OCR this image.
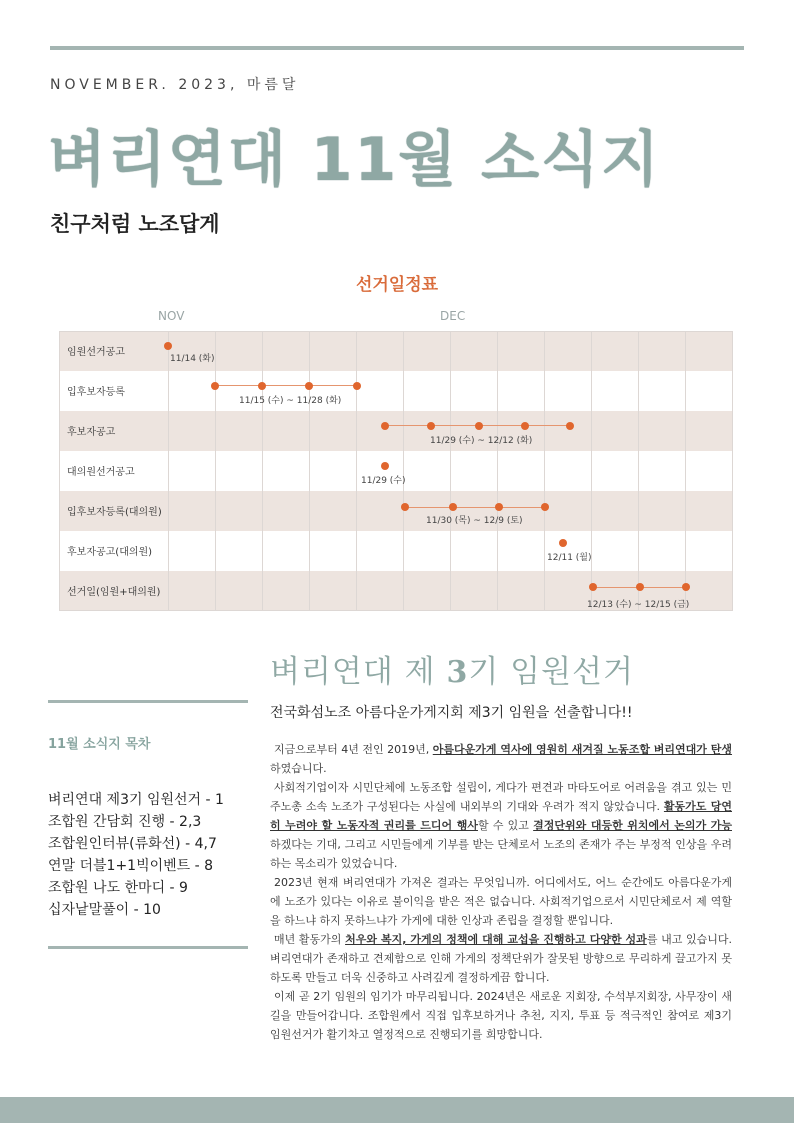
NOVEMBER. 2023, 마름달
벼리연대 11월 소식지
친구처럼 노조답게
선거일정표
NOV	DEC
임원선거공고
입후보자등록
후보자공고
대의원선거공고
입후보자등록(대의원)
후보자공고(대의원)
선거일(임원+대의원)
11/14 (화)
11/15 (수) ~ 11/28 (화)
11/29 (수) ~ 12/12 (화)
11/29 (수)
11/30 (목) ~ 12/9 (토)
12/11 (월)
12/13 (수) ~ 12/15 (금)
벼리연대 제 3기 임원선거
전국화섬노조 아름다운가게지회 제3기 임원을 선출합니다!!

지금으로부터 4년 전인 2019년, 아름다운가게 역사에 영원히 새겨질 노동조합 벼리연대가 탄생하였습니다.

사회적기업이자 시민단체에 노동조합 설립이, 게다가 편견과 마타도어로 어려움을 겪고 있는 민주노총 소속 노조가 구성된다는 사실에 내외부의 기대와 우려가 적지 않았습니다. 활동가도 당연히 누려야 할 노동자적 권리를 드디어 행사할 수 있고 결정단위와 대등한 위치에서 논의가 가능하겠다는 기대, 그리고 시민들에게 기부를 받는 단체로서 노조의 존재가 주는 부정적 인상을 우려하는 목소리가 있었습니다.

2023년 현재 벼리연대가 가져온 결과는 무엇입니까. 어디에서도, 어느 순간에도 아름다운가게에 노조가 있다는 이유로 불이익을 받은 적은 없습니다. 사회적기업으로서 시민단체로서 제 역할을 하느냐 하지 못하느냐가 가게에 대한 인상과 존립을 결정할 뿐입니다.

매년 활동가의 처우와 복지, 가게의 정책에 대해 교섭을 진행하고 다양한 성과를 내고 있습니다. 벼리연대가 존재하고 견제함으로 인해 가게의 정책단위가 잘못된 방향으로 무리하게 끌고가지 못하도록 만들고 더욱 신중하고 사려깊게 결정하게끔 합니다.

이제 곧 2기 임원의 임기가 마무리됩니다. 2024년은 새로운 지회장, 수석부지회장, 사무장이 새 길을 만들어갑니다. 조합원께서 직접 입후보하거나 추천, 지지, 투표 등 적극적인 참여로 제3기 임원선거가 활기차고 열정적으로 진행되기를 희망합니다.

11월 소식지 목차
벼리연대 제3기 임원선거 - 1
조합원 간담회 진행 - 2,3
조합원인터뷰(류화선) - 4,7
연말 더블1+1빅이벤트 - 8
조합원 나도 한마디 - 9
십자낱말풀이 - 10
